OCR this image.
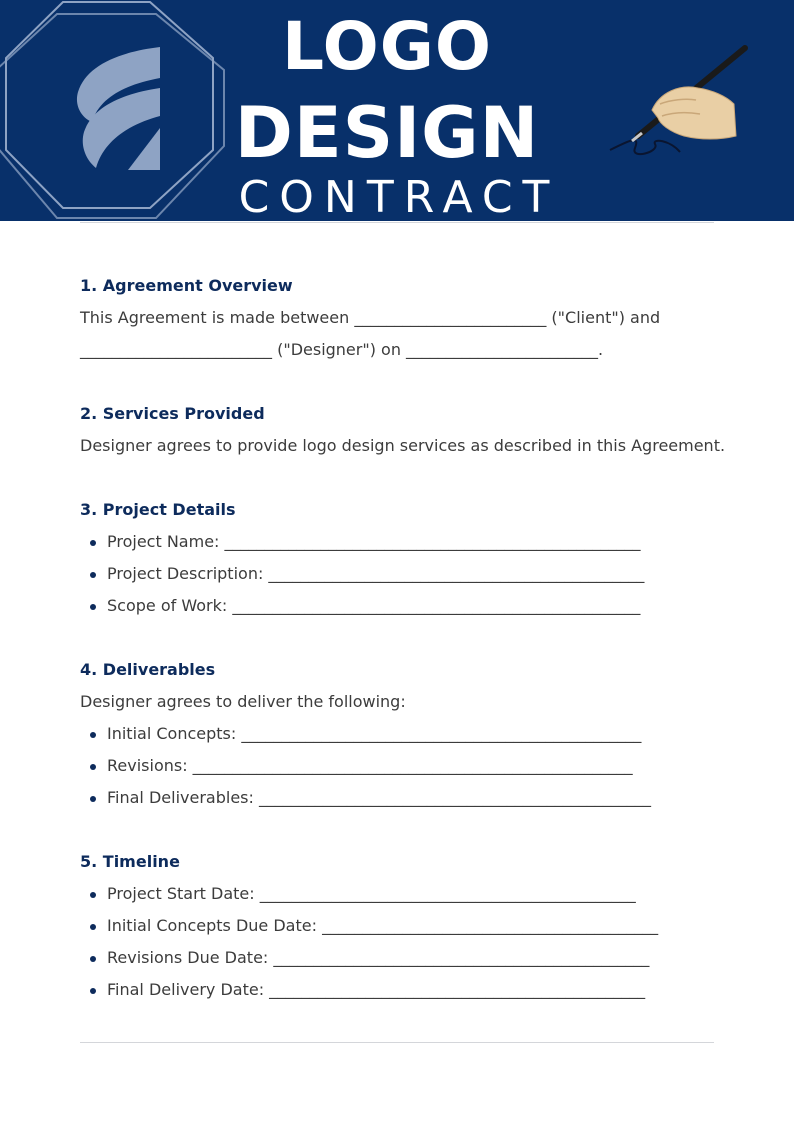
LOGO
DESIGN
CONTRACT
1. Agreement Overview

This Agreement is made between ________________________ ("Client") and

________________________ ("Designer") on ________________________.

2. Services Provided

Designer agrees to provide logo design services as described in this Agreement.

3. Project Details
Project Name: ____________________________________________________
Project Description: _______________________________________________
Scope of Work: ___________________________________________________
4. Deliverables

Designer agrees to deliver the following:

Initial Concepts: __________________________________________________
Revisions: _______________________________________________________
Final Deliverables: _________________________________________________
5. Timeline
Project Start Date: _______________________________________________
Initial Concepts Due Date: __________________________________________
Revisions Due Date: _______________________________________________
Final Delivery Date: _______________________________________________
